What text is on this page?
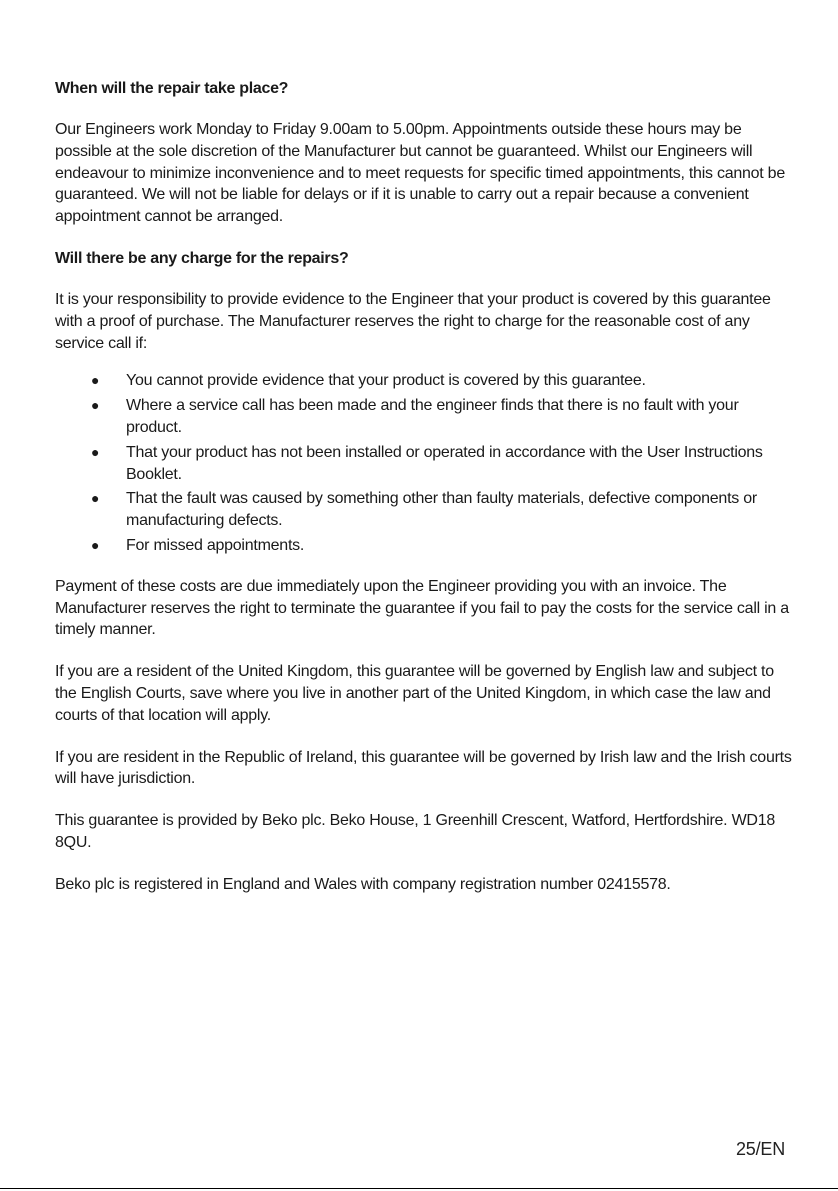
When will the repair take place?

Our Engineers work Monday to Friday 9.00am to 5.00pm. Appointments outside these hours may be possible at the sole discretion of the Manufacturer but cannot be guaranteed. Whilst our Engineers will endeavour to minimize inconvenience and to meet requests for specific timed appointments, this cannot be guaranteed. We will not be liable for delays or if it is unable to carry out a repair because a convenient appointment cannot be arranged.

Will there be any charge for the repairs?

It is your responsibility to provide evidence to the Engineer that your product is covered by this guarantee with a proof of purchase. The Manufacturer reserves the right to charge for the reasonable cost of any service call if:

● You cannot provide evidence that your product is covered by this guarantee.
● Where a service call has been made and the engineer finds that there is no fault with your product.
● That your product has not been installed or operated in accordance with the User Instructions Booklet.
● That the fault was caused by something other than faulty materials, defective components or manufacturing defects.
● For missed appointments.

Payment of these costs are due immediately upon the Engineer providing you with an invoice. The Manufacturer reserves the right to terminate the guarantee if you fail to pay the costs for the service call in a timely manner.

If you are a resident of the United Kingdom, this guarantee will be governed by English law and subject to the English Courts, save where you live in another part of the United Kingdom, in which case the law and courts of that location will apply.

If you are resident in the Republic of Ireland, this guarantee will be governed by Irish law and the Irish courts will have jurisdiction.

This guarantee is provided by Beko plc. Beko House, 1 Greenhill Crescent, Watford, Hertfordshire. WD18 8QU.

Beko plc is registered in England and Wales with company registration number 02415578.

25/EN
